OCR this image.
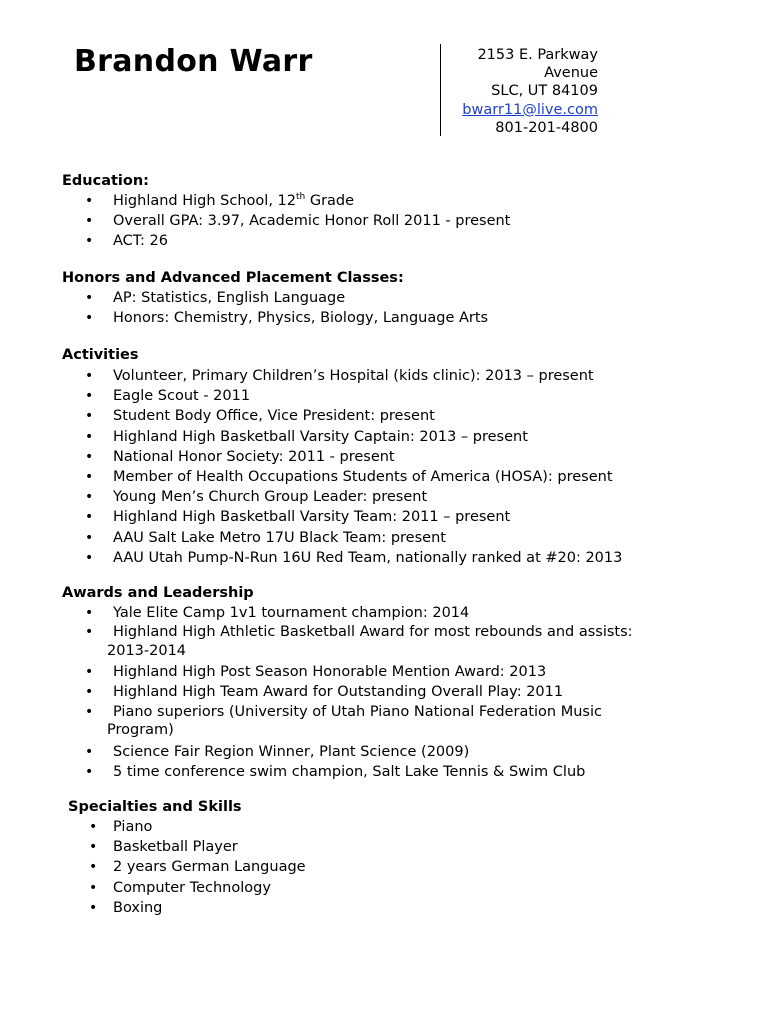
Brandon Warr	2153 E. Parkway
Avenue
SLC, UT 84109
bwarr11@live.com
801-201-4800
Education:
• Highland High School, 12th Grade
• Overall GPA: 3.97, Academic Honor Roll 2011 - present
• ACT: 26
Honors and Advanced Placement Classes:
• AP: Statistics, English Language
• Honors: Chemistry, Physics, Biology, Language Arts
Activities
• Volunteer, Primary Children’s Hospital (kids clinic): 2013 – present
• Eagle Scout - 2011
• Student Body Office, Vice President: present
• Highland High Basketball Varsity Captain: 2013 – present
• National Honor Society: 2011 - present
• Member of Health Occupations Students of America (HOSA): present
• Young Men’s Church Group Leader: present
• Highland High Basketball Varsity Team: 2011 – present
• AAU Salt Lake Metro 17U Black Team: present
• AAU Utah Pump-N-Run 16U Red Team, nationally ranked at #20: 2013
Awards and Leadership
• Yale Elite Camp 1v1 tournament champion: 2014
• Highland High Athletic Basketball Award for most rebounds and assists:
2013-2014
• Highland High Post Season Honorable Mention Award: 2013
• Highland High Team Award for Outstanding Overall Play: 2011
• Piano superiors (University of Utah Piano National Federation Music
Program)
• Science Fair Region Winner, Plant Science (2009)
• 5 time conference swim champion, Salt Lake Tennis & Swim Club
Specialties and Skills
• Piano
• Basketball Player
• 2 years German Language
• Computer Technology
• Boxing
